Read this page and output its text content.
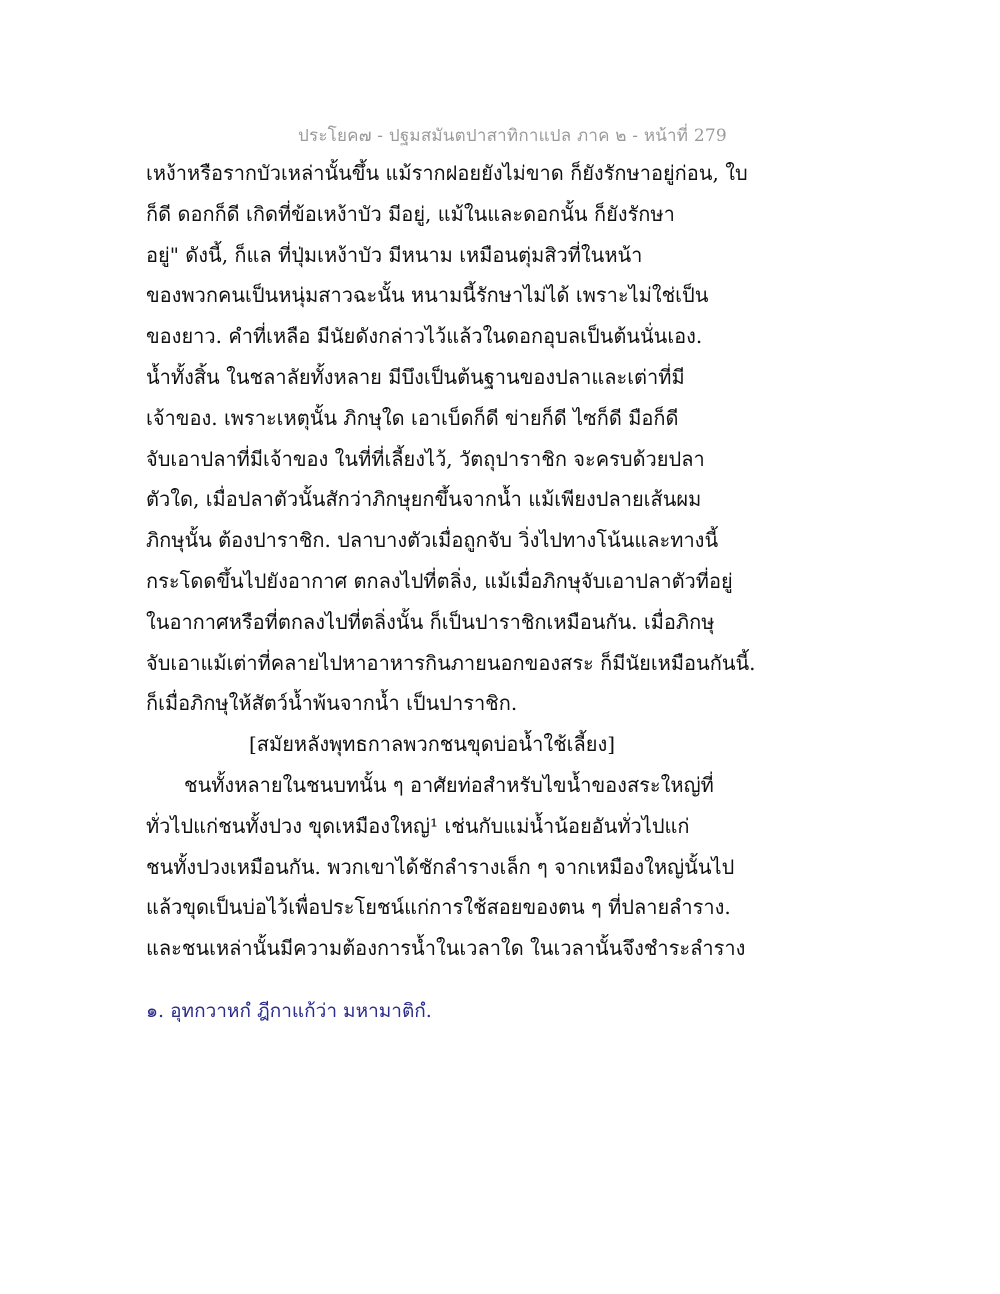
ประโยค๗ - ปฐมสมันตปาสาทิกาแปล ภาค ๒ - หน้าที่ 279
เหง้าหรือรากบัวเหล่านั้นขึ้น แม้รากฝอยยังไม่ขาด ก็ยังรักษาอยู่ก่อน, ใบ
ก็ดี ดอกก็ดี เกิดที่ข้อเหง้าบัว มีอยู่, แม้ในและดอกนั้น ก็ยังรักษา
อยู่" ดังนี้, ก็แล ที่ปุ่มเหง้าบัว มีหนาม เหมือนตุ่มสิวที่ในหน้า
ของพวกคนเป็นหนุ่มสาวฉะนั้น หนามนี้รักษาไม่ได้ เพราะไม่ใช่เป็น
ของยาว. คำที่เหลือ มีนัยดังกล่าวไว้แล้วในดอกอุบลเป็นต้นนั่นเอง.
น้ำทั้งสิ้น ในชลาลัยทั้งหลาย มีบึงเป็นต้นฐานของปลาและเต่าที่มี
เจ้าของ. เพราะเหตุนั้น ภิกษุใด เอาเบ็ดก็ดี ข่ายก็ดี ไซก็ดี มือก็ดี
จับเอาปลาที่มีเจ้าของ ในที่ที่เลี้ยงไว้, วัตถุปาราชิก จะครบด้วยปลา
ตัวใด, เมื่อปลาตัวนั้นสักว่าภิกษุยกขึ้นจากน้ำ แม้เพียงปลายเส้นผม
ภิกษุนั้น ต้องปาราชิก. ปลาบางตัวเมื่อถูกจับ วิ่งไปทางโน้นและทางนี้
กระโดดขึ้นไปยังอากาศ ตกลงไปที่ตลิ่ง, แม้เมื่อภิกษุจับเอาปลาตัวที่อยู่
ในอากาศหรือที่ตกลงไปที่ตลิ่งนั้น ก็เป็นปาราชิกเหมือนกัน. เมื่อภิกษุ
จับเอาแม้เต่าที่คลายไปหาอาหารกินภายนอกของสระ ก็มีนัยเหมือนกันนี้.
ก็เมื่อภิกษุให้สัตว์น้ำพ้นจากน้ำ เป็นปาราชิก.
[สมัยหลังพุทธกาลพวกชนขุดบ่อน้ำใช้เลี้ยง]
ชนทั้งหลายในชนบทนั้น ๆ อาศัยท่อสำหรับไขน้ำของสระใหญ่ที่
ทั่วไปแก่ชนทั้งปวง ขุดเหมืองใหญ่¹ เช่นกับแม่น้ำน้อยอันทั่วไปแก่
ชนทั้งปวงเหมือนกัน. พวกเขาได้ชักลำรางเล็ก ๆ จากเหมืองใหญ่นั้นไป
แล้วขุดเป็นบ่อไว้เพื่อประโยชน์แก่การใช้สอยของตน ๆ ที่ปลายลำราง.
และชนเหล่านั้นมีความต้องการน้ำในเวลาใด ในเวลานั้นจึงชำระลำราง
๑. อุทกวาหกํ ฎีกาแก้ว่า มหามาติกํ.
